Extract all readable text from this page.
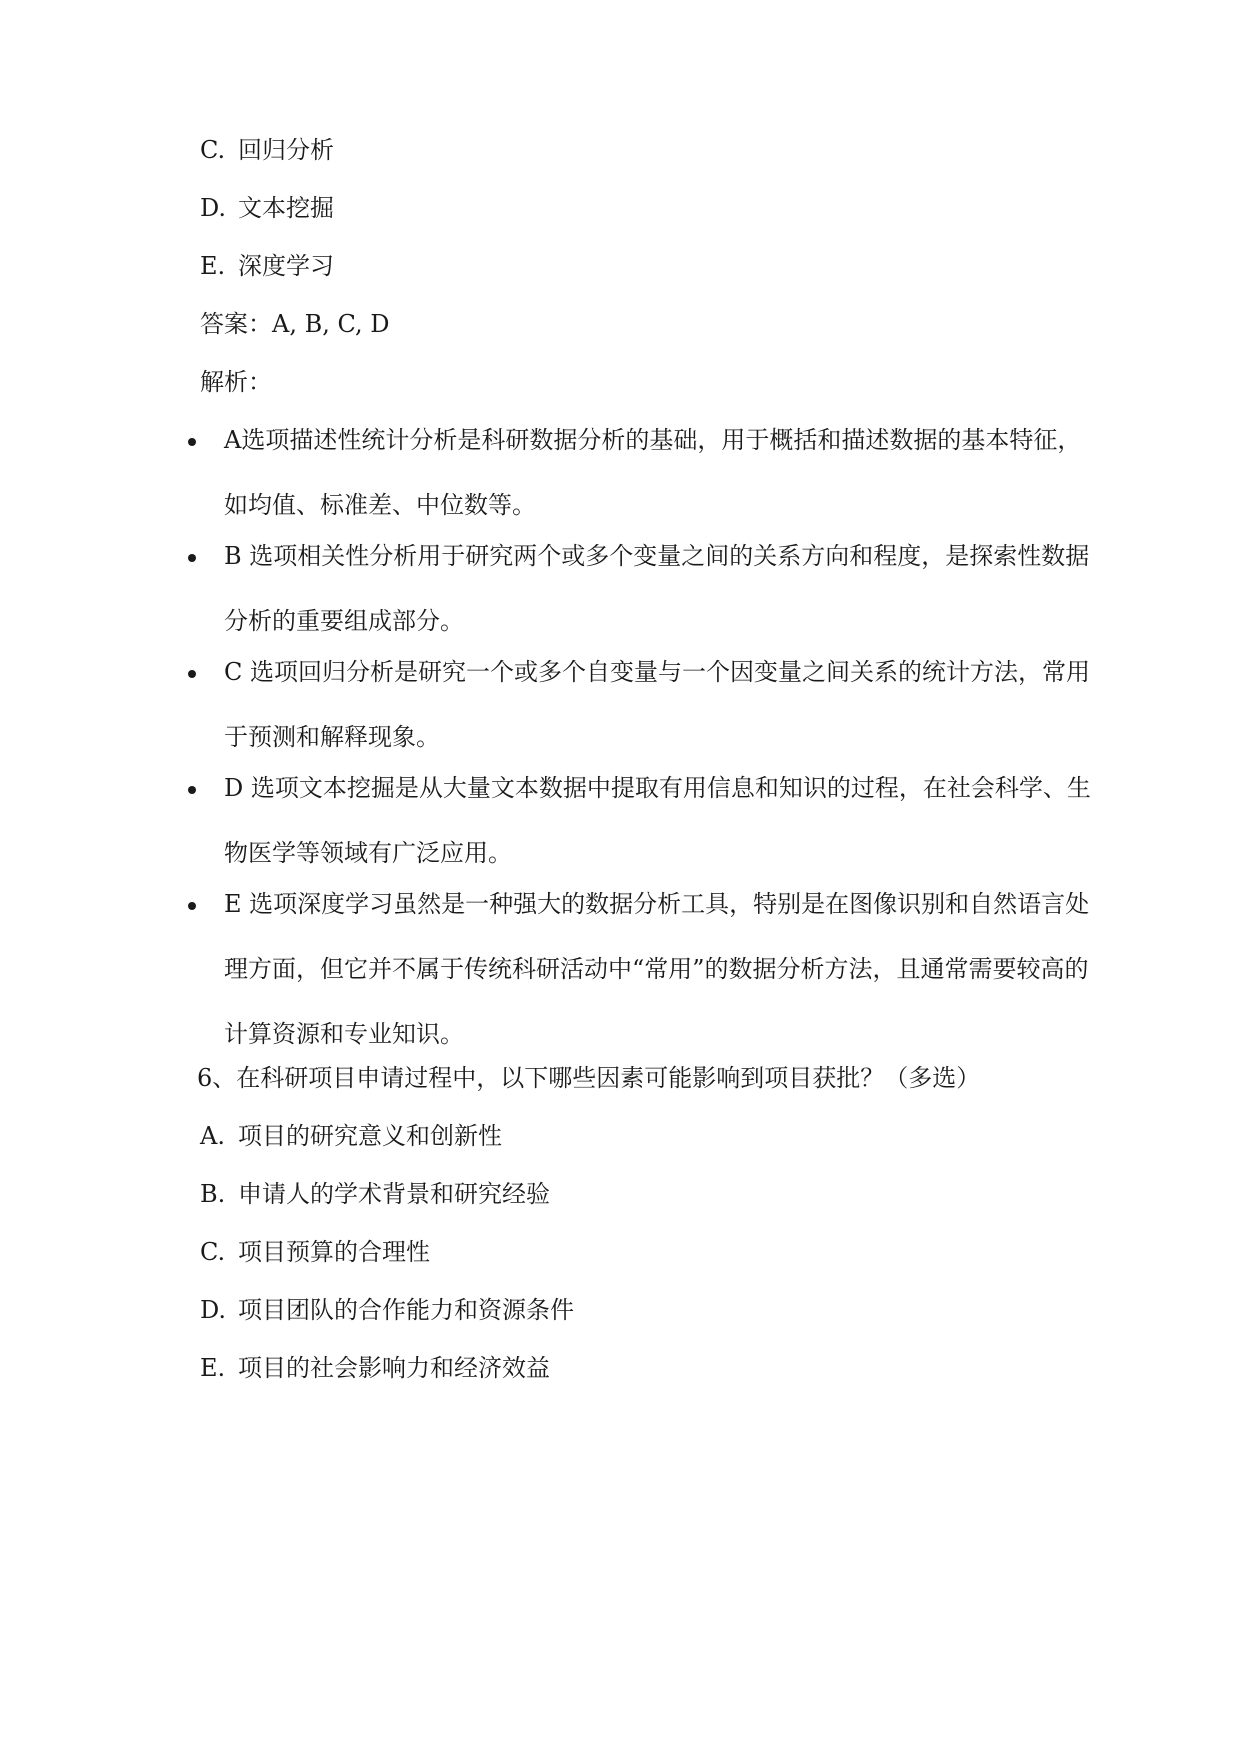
C. 回归分析
D. 文本挖掘
E. 深度学习
答案：A, B, C, D
解析：
A选项描述性统计分析是科研数据分析的基础，用于概括和描述数据的基本特征，如均值、标准差、中位数等。
B 选项相关性分析用于研究两个或多个变量之间的关系方向和程度，是探索性数据分析的重要组成部分。
C 选项回归分析是研究一个或多个自变量与一个因变量之间关系的统计方法，常用于预测和解释现象。
D 选项文本挖掘是从大量文本数据中提取有用信息和知识的过程，在社会科学、生物医学等领域有广泛应用。
E 选项深度学习虽然是一种强大的数据分析工具，特别是在图像识别和自然语言处理方面，但它并不属于传统科研活动中“常用”的数据分析方法，且通常需要较高的计算资源和专业知识。
6、在科研项目申请过程中，以下哪些因素可能影响到项目获批？（多选）
A. 项目的研究意义和创新性
B. 申请人的学术背景和研究经验
C. 项目预算的合理性
D. 项目团队的合作能力和资源条件
E. 项目的社会影响力和经济效益
